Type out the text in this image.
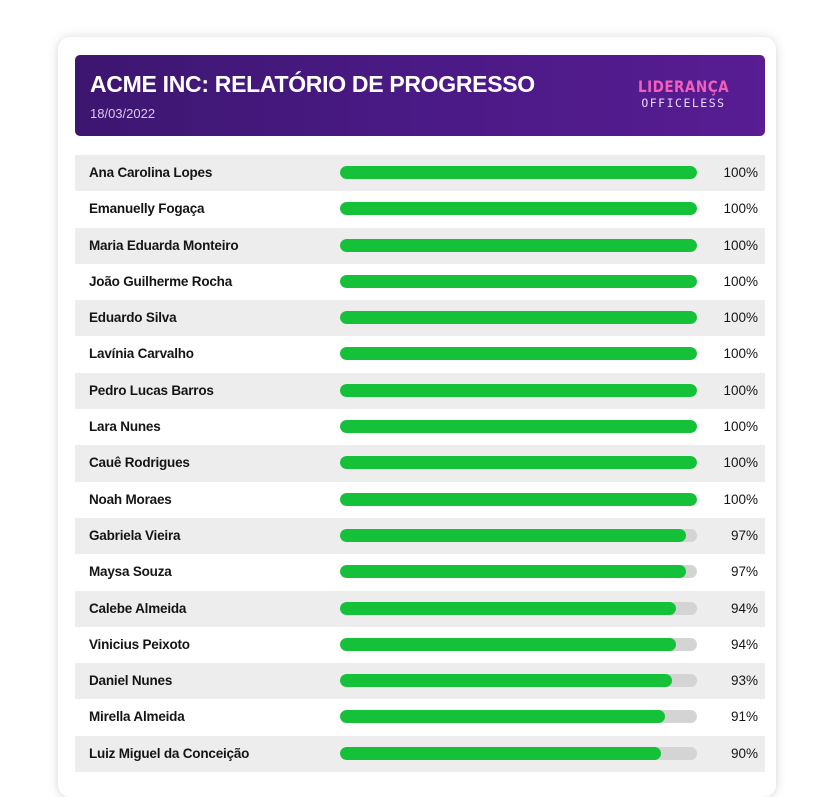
ACME INC: RELATÓRIO DE PROGRESSO
18/03/2022
LIDERANÇA
OFFICELESS
Ana Carolina Lopes	100%
Emanuelly Fogaça	100%
Maria Eduarda Monteiro	100%
João Guilherme Rocha	100%
Eduardo Silva	100%
Lavínia Carvalho	100%
Pedro Lucas Barros	100%
Lara Nunes	100%
Cauê Rodrigues	100%
Noah Moraes	100%
Gabriela Vieira	97%
Maysa Souza	97%
Calebe Almeida	94%
Vinicius Peixoto	94%
Daniel Nunes	93%
Mirella Almeida	91%
Luiz Miguel da Conceição	90%
